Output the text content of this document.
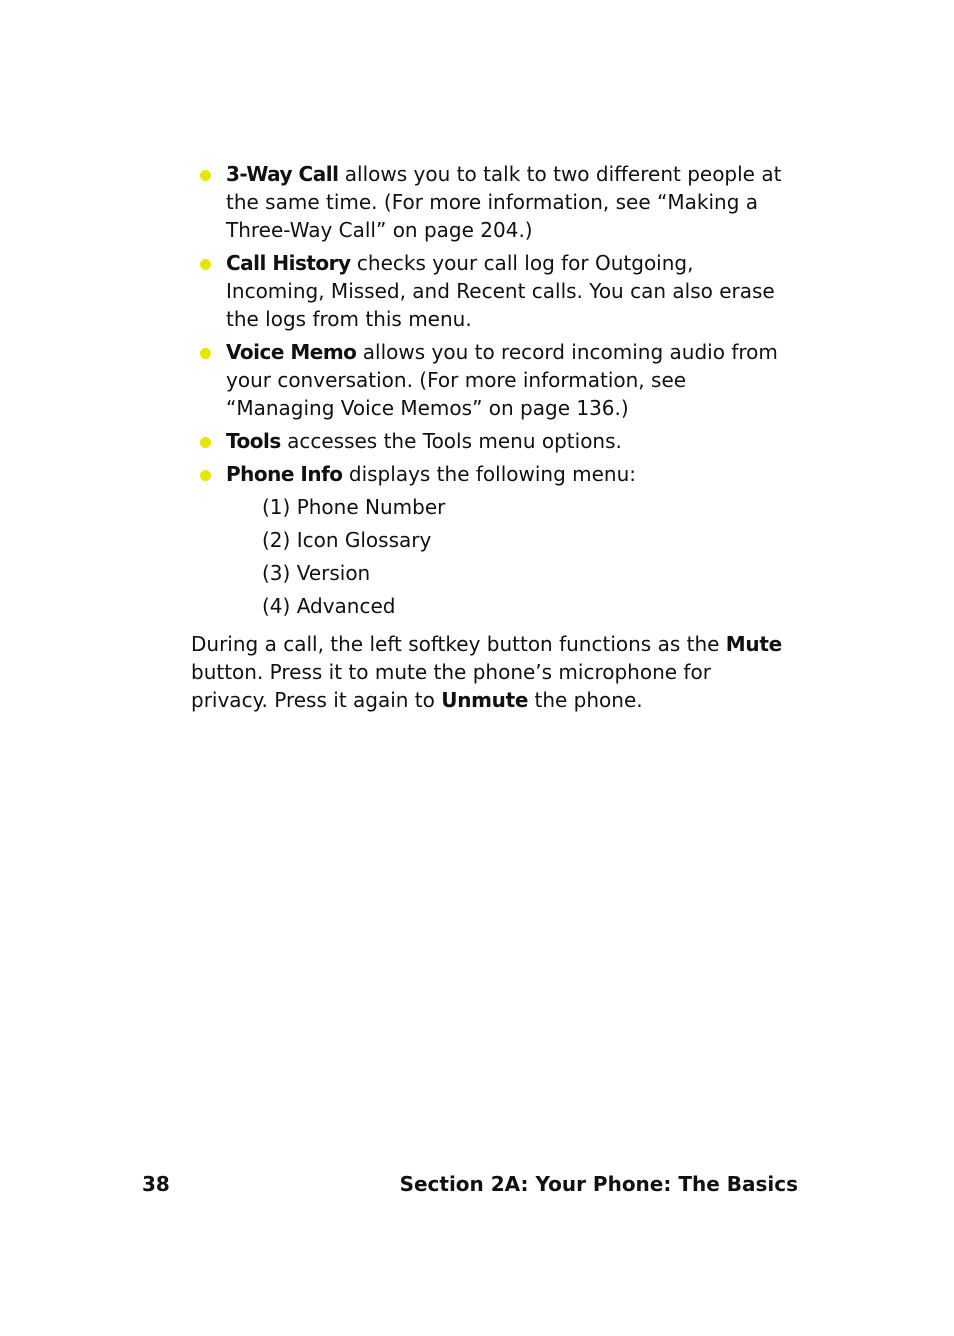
3-Way Call allows you to talk to two different people at the same time. (For more information, see “Making a Three-Way Call” on page 204.)
Call History checks your call log for Outgoing, Incoming, Missed, and Recent calls. You can also erase the logs from this menu.
Voice Memo allows you to record incoming audio from your conversation. (For more information, see “Managing Voice Memos” on page 136.)
Tools accesses the Tools menu options.
Phone Info displays the following menu:
(1) Phone Number
(2) Icon Glossary
(3) Version
(4) Advanced

During a call, the left softkey button functions as the Mute button. Press it to mute the phone’s microphone for privacy. Press it again to Unmute the phone.

38	Section 2A: Your Phone: The Basics
